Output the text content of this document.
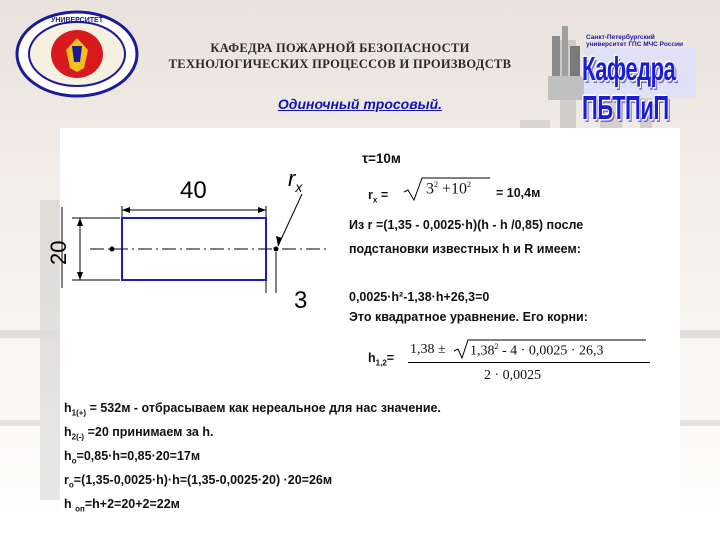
УНИВЕРСИТЕТ
КАФЕДРА ПОЖАРНОЙ БЕЗОПАСНОСТИ
ТЕХНОЛОГИЧЕСКИХ ПРОЦЕССОВ И ПРОИЗВОДСТВ
Санкт-Петербургский университет ГПС МЧС России
Кафедра ПБТПиП
Одиночный тросовый.
40
20
$r_x$
3
τ=10м
$r_x = 3^2 +10^2$
= 10,4м
Из r =(1,35 - 0,0025·h)(h - h /0,85) после
подстановки известных h и R имеем:
0,0025·h²-1,38·h+26,3=0
Это квадратное уравнение. Его корни:
$h_{1,2}=$
$1,38 \pm 1,38^2 - 4 \cdot 0,0025 \cdot 26,3$
2 · 0,0025
$h_{1(+)} = 532м$ - отбрасываем как нереальное для нас значение.
$h_{2(-)} =20$ принимаем за h.
$h_о=0,85\cdot h=0,85\cdot 20=17м$
$r_о=(1,35-0,0025\cdot h)\cdot h=(1,35-0,0025\cdot 20) \cdot 20=26м$
h $_{оп}$=h+2=20+2=22м
